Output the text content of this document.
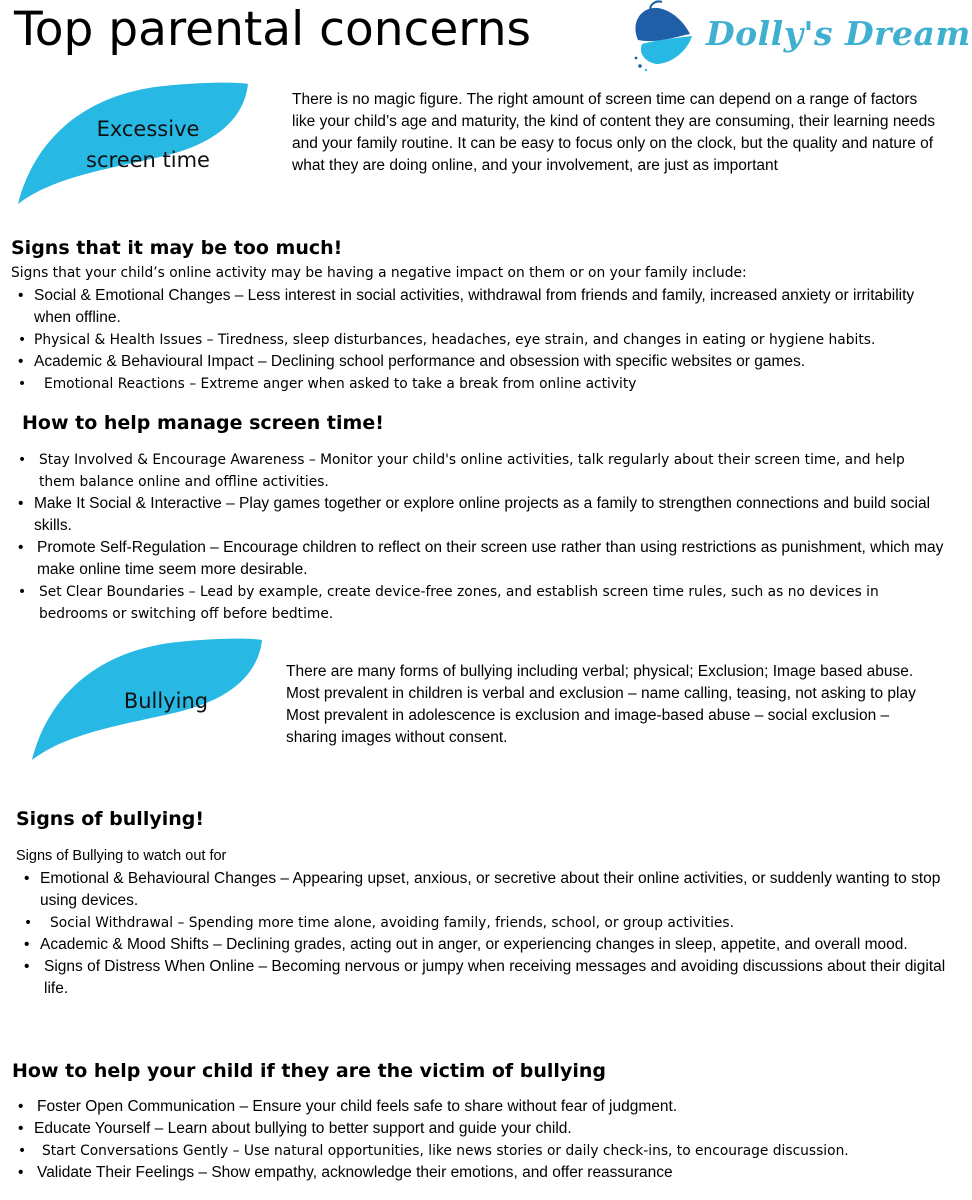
Top parental concerns	Dolly's Dream
Excessive
screen time
There is no magic figure. The right amount of screen time can depend on a range of factors like your child’s age and maturity, the kind of content they are consuming, their learning needs and your family routine. It can be easy to focus only on the clock, but the quality and nature of what they are doing online, and your involvement, are just as important
Signs that it may be too much!
Signs that your child’s online activity may be having a negative impact on them or on your family include:
• Social & Emotional Changes – Less interest in social activities, withdrawal from friends and family, increased anxiety or irritability when offline.
• Physical & Health Issues – Tiredness, sleep disturbances, headaches, eye strain, and changes in eating or hygiene habits.
• Academic & Behavioural Impact – Declining school performance and obsession with specific websites or games.
• Emotional Reactions – Extreme anger when asked to take a break from online activity
How to help manage screen time!
• Stay Involved & Encourage Awareness – Monitor your child's online activities, talk regularly about their screen time, and help them balance online and offline activities.
• Make It Social & Interactive – Play games together or explore online projects as a family to strengthen connections and build social skills.
• Promote Self-Regulation – Encourage children to reflect on their screen use rather than using restrictions as punishment, which may make online time seem more desirable.
• Set Clear Boundaries – Lead by example, create device-free zones, and establish screen time rules, such as no devices in bedrooms or switching off before bedtime.
Bullying
There are many forms of bullying including verbal; physical; Exclusion; Image based abuse. Most prevalent in children is verbal and exclusion – name calling, teasing, not asking to play
Most prevalent in adolescence is exclusion and image-based abuse – social exclusion – sharing images without consent.
Signs of bullying!
Signs of Bullying to watch out for
• Emotional & Behavioural Changes – Appearing upset, anxious, or secretive about their online activities, or suddenly wanting to stop using devices.
• Social Withdrawal – Spending more time alone, avoiding family, friends, school, or group activities.
• Academic & Mood Shifts – Declining grades, acting out in anger, or experiencing changes in sleep, appetite, and overall mood.
• Signs of Distress When Online – Becoming nervous or jumpy when receiving messages and avoiding discussions about their digital life.
How to help your child if they are the victim of bullying
• Foster Open Communication – Ensure your child feels safe to share without fear of judgment.
• Educate Yourself – Learn about bullying to better support and guide your child.
• Start Conversations Gently – Use natural opportunities, like news stories or daily check-ins, to encourage discussion.
• Validate Their Feelings – Show empathy, acknowledge their emotions, and offer reassurance
